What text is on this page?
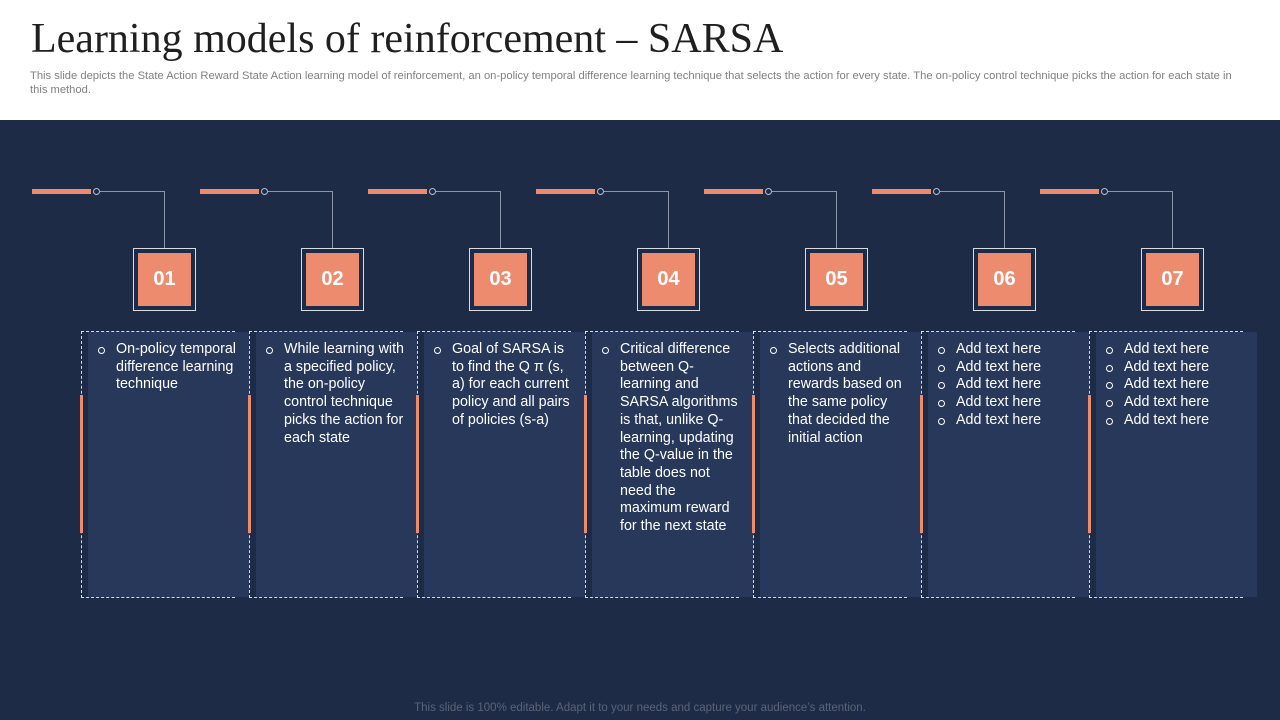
Learning models of reinforcement – SARSA
This slide depicts the State Action Reward State Action learning model of reinforcement, an on-policy temporal difference learning technique that selects the action for every state. The on-policy control technique picks the action for each state in this method.
01
On-policy temporal difference learning technique
02
While learning with a specified policy, the on-policy control technique picks the action for each state
03
Goal of SARSA is to find the Q π (s, a) for each current policy and all pairs of policies (s-a)
04
Critical difference between Q-learning and SARSA algorithms is that, unlike Q-learning, updating the Q-value in the table does not need the maximum reward for the next state
05
Selects additional actions and rewards based on the same policy that decided the initial action
06
Add text here
Add text here
Add text here
Add text here
Add text here
07
Add text here
Add text here
Add text here
Add text here
Add text here
This slide is 100% editable. Adapt it to your needs and capture your audience’s attention.
